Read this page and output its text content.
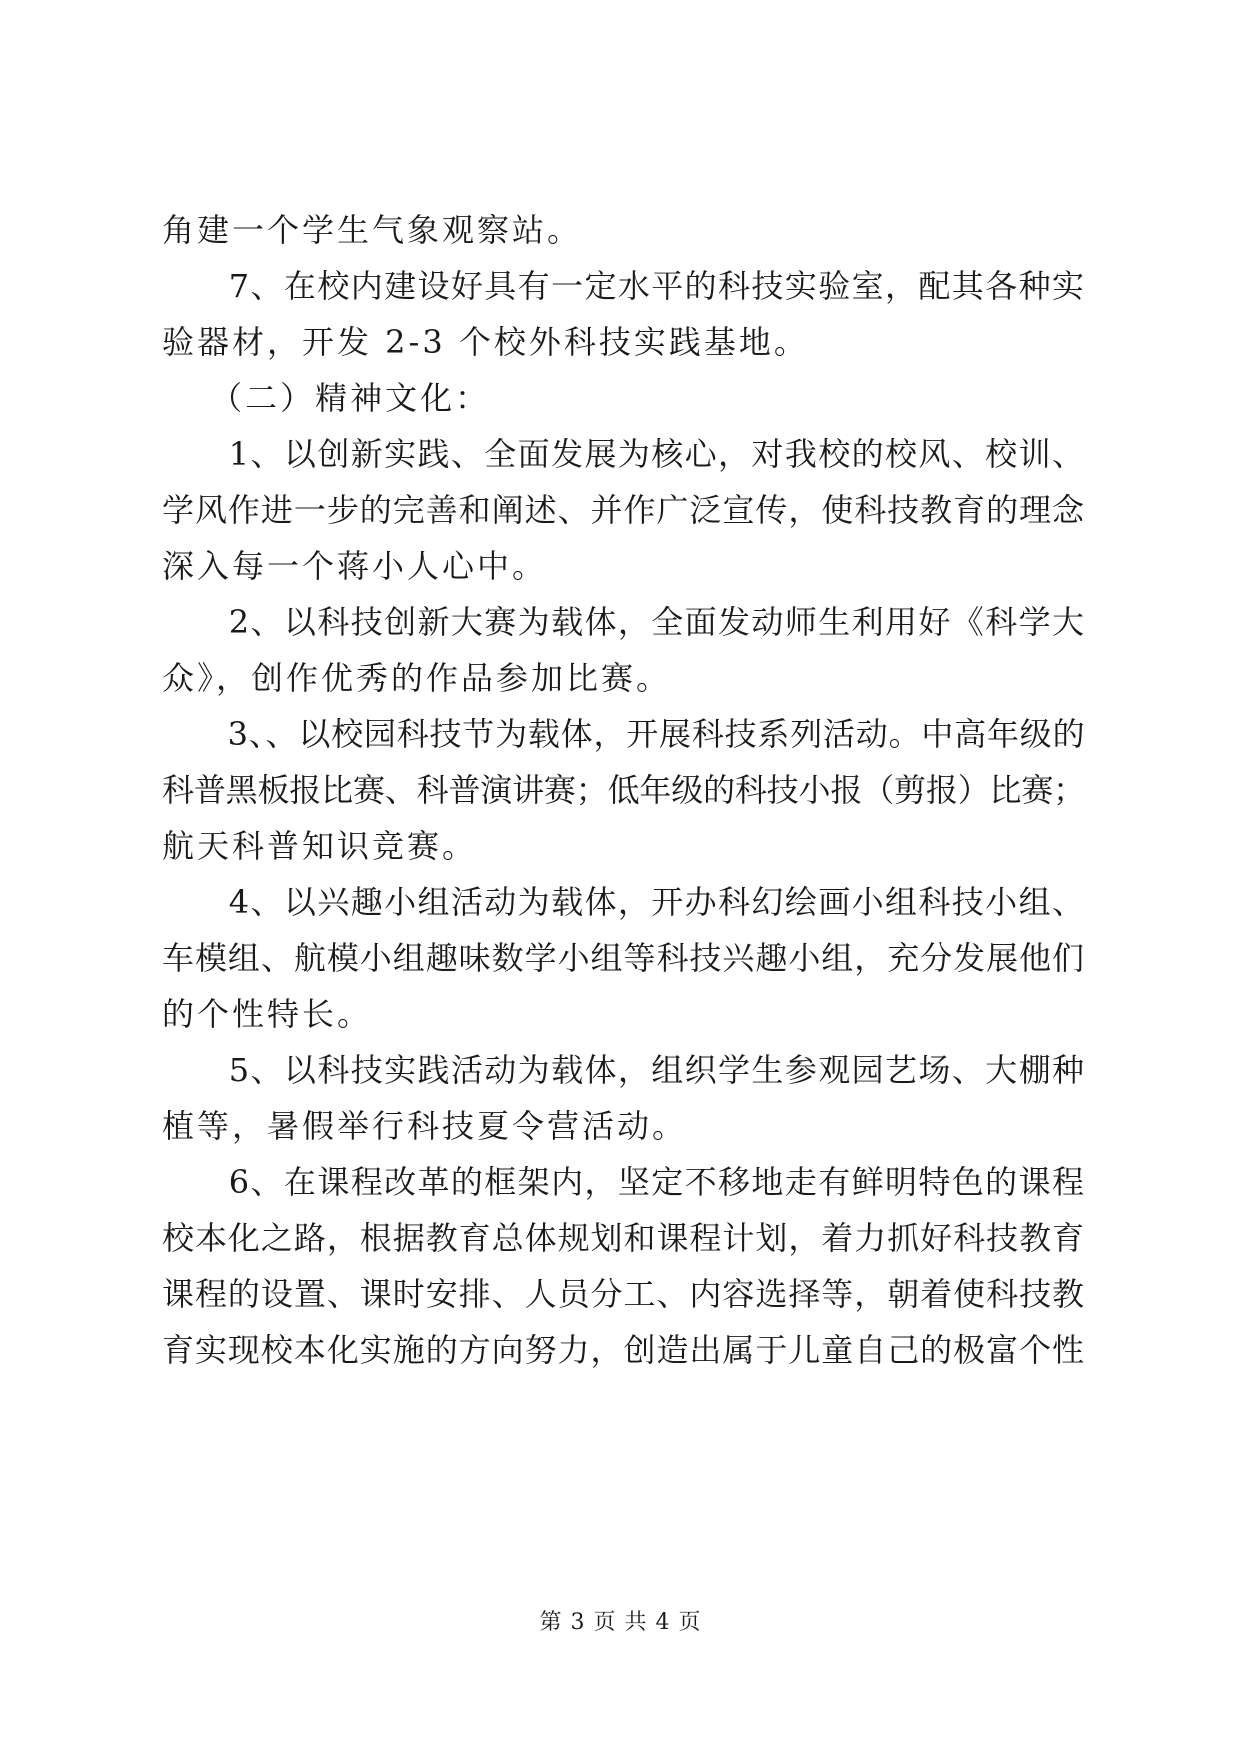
角建一个学生气象观察站。
　　7、在校内建设好具有一定水平的科技实验室，配其各种实
验器材，开发 2-3 个校外科技实践基地。
　 （二）精神文化：
　　1、以创新实践、全面发展为核心，对我校的校风、校训、
学风作进一步的完善和阐述、并作广泛宣传，使科技教育的理念
深入每一个蒋小人心中。
　　2、以科技创新大赛为载体，全面发动师生利用好《科学大
众》，创作优秀的作品参加比赛。
　　3、、以校园科技节为载体，开展科技系列活动。中高年级的
科普黑板报比赛、科普演讲赛；低年级的科技小报（剪报）比赛；
航天科普知识竞赛。
　　4、以兴趣小组活动为载体，开办科幻绘画小组科技小组、
车模组、航模小组趣味数学小组等科技兴趣小组，充分发展他们
的个性特长。
　　5、以科技实践活动为载体，组织学生参观园艺场、大棚种
植等，暑假举行科技夏令营活动。
　　6、在课程改革的框架内，坚定不移地走有鲜明特色的课程
校本化之路，根据教育总体规划和课程计划，着力抓好科技教育
课程的设置、课时安排、人员分工、内容选择等，朝着使科技教
育实现校本化实施的方向努力，创造出属于儿童自己的极富个性
第 3 页 共 4 页
